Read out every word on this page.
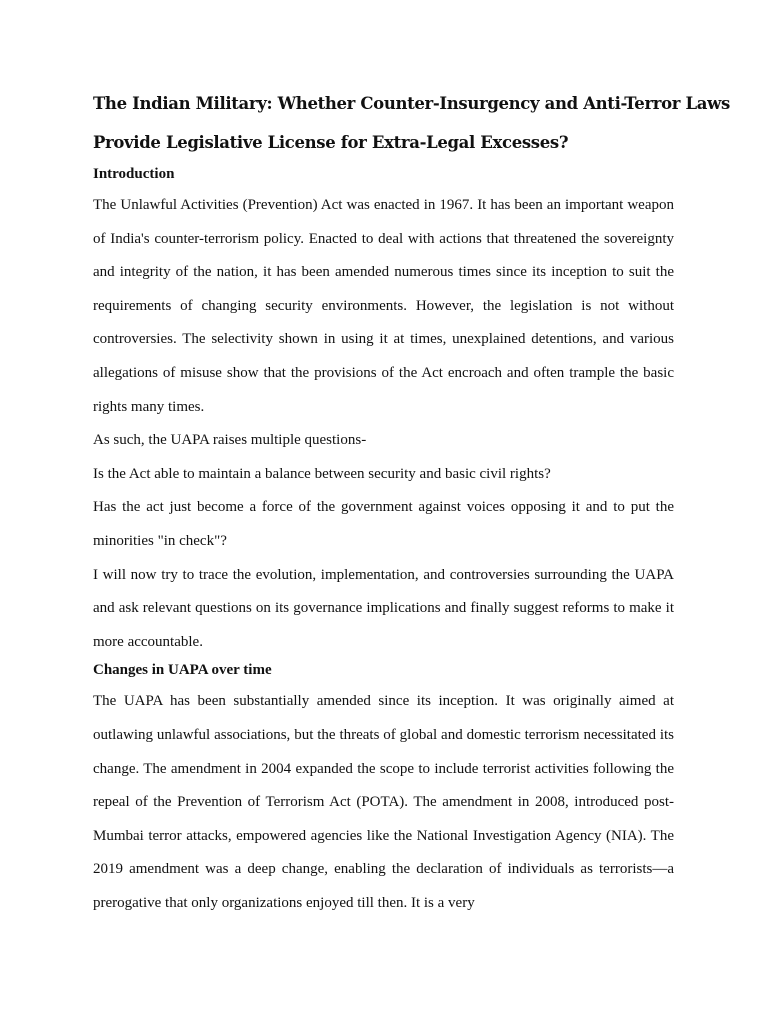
The Indian Military: Whether Counter-Insurgency and Anti-Terror Laws
Provide Legislative License for Extra-Legal Excesses?
Introduction

The Unlawful Activities (Prevention) Act was enacted in 1967. It has been an important weapon of India's counter-terrorism policy. Enacted to deal with actions that threatened the sovereignty and integrity of the nation, it has been amended numerous times since its inception to suit the requirements of changing security environments. However, the legislation is not without controversies. The selectivity shown in using it at times, unexplained detentions, and various allegations of misuse show that the provisions of the Act encroach and often trample the basic rights many times.

As such, the UAPA raises multiple questions-

Is the Act able to maintain a balance between security and basic civil rights?

Has the act just become a force of the government against voices opposing it and to put the minorities "in check"?

I will now try to trace the evolution, implementation, and controversies surrounding the UAPA and ask relevant questions on its governance implications and finally suggest reforms to make it more accountable.

Changes in UAPA over time

The UAPA has been substantially amended since its inception. It was originally aimed at outlawing unlawful associations, but the threats of global and domestic terrorism necessitated its change. The amendment in 2004 expanded the scope to include terrorist activities following the repeal of the Prevention of Terrorism Act (POTA). The amendment in 2008, introduced post-Mumbai terror attacks, empowered agencies like the National Investigation Agency (NIA). The 2019 amendment was a deep change, enabling the declaration of individuals as terrorists—a prerogative that only organizations enjoyed till then. It is a very
